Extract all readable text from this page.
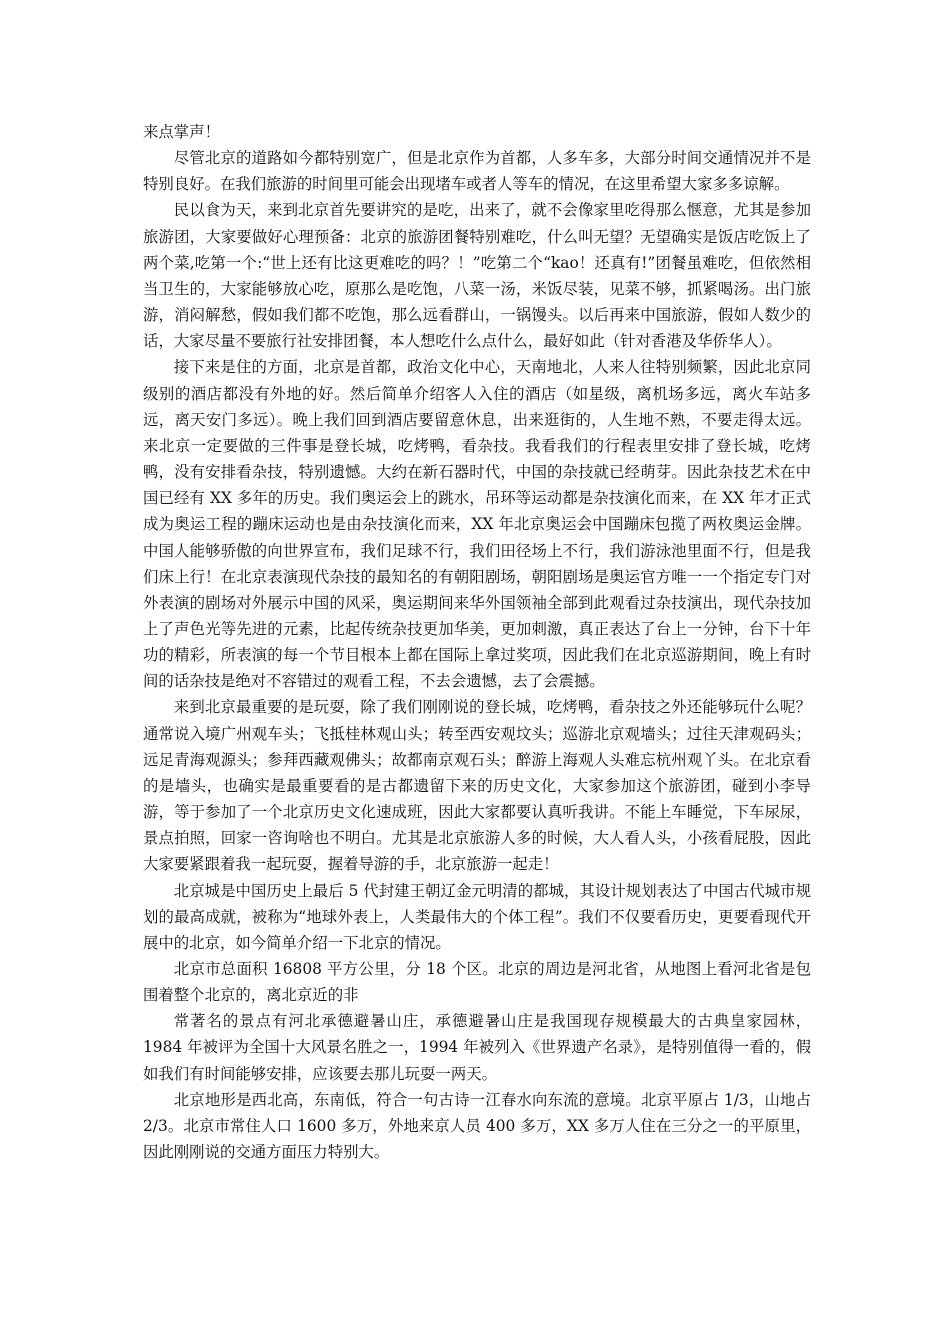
来点掌声！

尽管北京的道路如今都特别宽广，但是北京作为首都，人多车多，大部分时间交通情况并不是特别良好。在我们旅游的时间里可能会出现堵车或者人等车的情况，在这里希望大家多多谅解。

民以食为天，来到北京首先要讲究的是吃，出来了，就不会像家里吃得那么惬意，尤其是参加旅游团，大家要做好心理预备：北京的旅游团餐特别难吃，什么叫无望？无望确实是饭店吃饭上了两个菜,吃第一个:“世上还有比这更难吃的吗？！”吃第二个“kao！还真有!”团餐虽难吃，但依然相当卫生的，大家能够放心吃，原那么是吃饱，八菜一汤，米饭尽装，见菜不够，抓紧喝汤。出门旅游，消闷解愁，假如我们都不吃饱，那么远看群山，一锅馒头。以后再来中国旅游，假如人数少的话，大家尽量不要旅行社安排团餐，本人想吃什么点什么，最好如此（针对香港及华侨华人）。

接下来是住的方面，北京是首都，政治文化中心，天南地北，人来人往特别频繁，因此北京同级别的酒店都没有外地的好。然后简单介绍客人入住的酒店（如星级，离机场多远，离火车站多远，离天安门多远）。晚上我们回到酒店要留意休息，出来逛街的，人生地不熟，不要走得太远。来北京一定要做的三件事是登长城，吃烤鸭，看杂技。我看我们的行程表里安排了登长城，吃烤鸭，没有安排看杂技，特别遗憾。大约在新石器时代，中国的杂技就已经萌芽。因此杂技艺术在中国已经有 XX 多年的历史。我们奥运会上的跳水，吊环等运动都是杂技演化而来，在 XX 年才正式成为奥运工程的蹦床运动也是由杂技演化而来，XX 年北京奥运会中国蹦床包揽了两枚奥运金牌。中国人能够骄傲的向世界宣布，我们足球不行，我们田径场上不行，我们游泳池里面不行，但是我们床上行！在北京表演现代杂技的最知名的有朝阳剧场，朝阳剧场是奥运官方唯一一个指定专门对外表演的剧场对外展示中国的风采，奥运期间来华外国领袖全部到此观看过杂技演出，现代杂技加上了声色光等先进的元素，比起传统杂技更加华美，更加刺激，真正表达了台上一分钟，台下十年功的精彩，所表演的每一个节目根本上都在国际上拿过奖项，因此我们在北京巡游期间，晚上有时间的话杂技是绝对不容错过的观看工程，不去会遗憾，去了会震撼。

来到北京最重要的是玩耍，除了我们刚刚说的登长城，吃烤鸭，看杂技之外还能够玩什么呢？通常说入境广州观车头；飞抵桂林观山头；转至西安观坟头；巡游北京观墙头；过往天津观码头；远足青海观源头；参拜西藏观佛头；故都南京观石头；醉游上海观人头难忘杭州观丫头。在北京看的是墙头，也确实是最重要看的是古都遗留下来的历史文化，大家参加这个旅游团，碰到小李导游，等于参加了一个北京历史文化速成班，因此大家都要认真听我讲。不能上车睡觉，下车尿尿，景点拍照，回家一咨询啥也不明白。尤其是北京旅游人多的时候，大人看人头，小孩看屁股，因此大家要紧跟着我一起玩耍，握着导游的手，北京旅游一起走！

北京城是中国历史上最后 5 代封建王朝辽金元明清的都城，其设计规划表达了中国古代城市规划的最高成就，被称为“地球外表上，人类最伟大的个体工程”。我们不仅要看历史，更要看现代开展中的北京，如今简单介绍一下北京的情况。

北京市总面积 16808 平方公里，分 18 个区。北京的周边是河北省，从地图上看河北省是包围着整个北京的，离北京近的非

常著名的景点有河北承德避暑山庄，承德避暑山庄是我国现存规模最大的古典皇家园林，1984 年被评为全国十大风景名胜之一，1994 年被列入《世界遗产名录》，是特别值得一看的，假如我们有时间能够安排，应该要去那儿玩耍一两天。

北京地形是西北高，东南低，符合一句古诗一江春水向东流的意境。北京平原占 1/3，山地占 2/3。北京市常住人口 1600 多万，外地来京人员 400 多万，XX 多万人住在三分之一的平原里，因此刚刚说的交通方面压力特别大。
